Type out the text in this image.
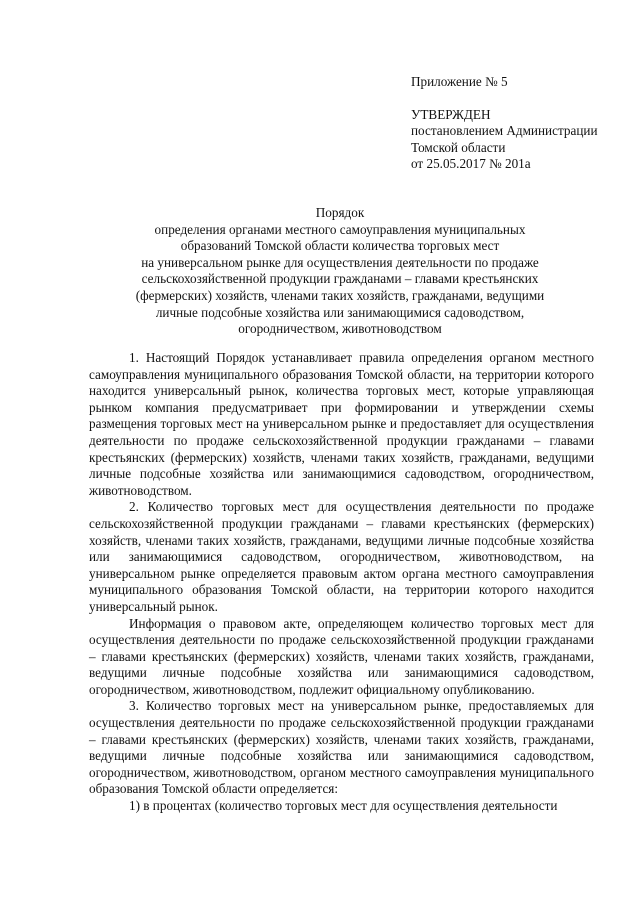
Приложение № 5
УТВЕРЖДЕН
постановлением Администрации
Томской области
от 25.05.2017 № 201а
Порядок
определения органами местного самоуправления муниципальных
образований Томской области количества торговых мест
на универсальном рынке для осуществления деятельности по продаже
сельскохозяйственной продукции гражданами – главами крестьянских
(фермерских) хозяйств, членами таких хозяйств, гражданами, ведущими
личные подсобные хозяйства или занимающимися садоводством,
огородничеством, животноводством

1. Настоящий Порядок устанавливает правила определения органом местного самоуправления муниципального образования Томской области, на территории которого находится универсальный рынок, количества торговых мест, которые управляющая рынком компания предусматривает при формировании и утверждении схемы размещения торговых мест на универсальном рынке и предоставляет для осуществления деятельности по продаже сельскохозяйственной продукции гражданами – главами крестьянских (фермерских) хозяйств, членами таких хозяйств, гражданами, ведущими личные подсобные хозяйства или занимающимися садоводством, огородничеством, животноводством.

2. Количество торговых мест для осуществления деятельности по продаже сельскохозяйственной продукции гражданами – главами крестьянских (фермерских) хозяйств, членами таких хозяйств, гражданами, ведущими личные подсобные хозяйства или занимающимися садоводством, огородничеством, животноводством, на универсальном рынке определяется правовым актом органа местного самоуправления муниципального образования Томской области, на территории которого находится универсальный рынок.

Информация о правовом акте, определяющем количество торговых мест для осуществления деятельности по продаже сельскохозяйственной продукции гражданами – главами крестьянских (фермерских) хозяйств, членами таких хозяйств, гражданами, ведущими личные подсобные хозяйства или занимающимися садоводством, огородничеством, животноводством, подлежит официальному опубликованию.

3. Количество торговых мест на универсальном рынке, предоставляемых для осуществления деятельности по продаже сельскохозяйственной продукции гражданами – главами крестьянских (фермерских) хозяйств, членами таких хозяйств, гражданами, ведущими личные подсобные хозяйства или занимающимися садоводством, огородничеством, животноводством, органом местного самоуправления муниципального образования Томской области определяется:

1) в процентах (количество торговых мест для осуществления деятельности
